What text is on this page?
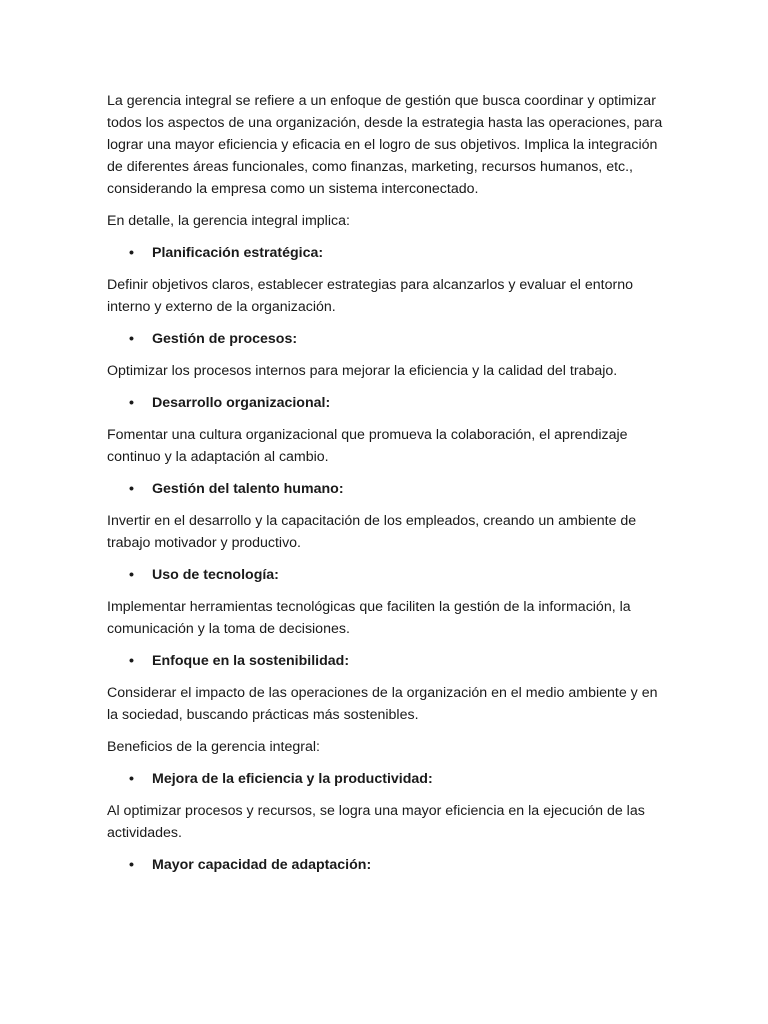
La gerencia integral se refiere a un enfoque de gestión que busca coordinar y optimizar todos los aspectos de una organización, desde la estrategia hasta las operaciones, para lograr una mayor eficiencia y eficacia en el logro de sus objetivos. Implica la integración de diferentes áreas funcionales, como finanzas, marketing, recursos humanos, etc., considerando la empresa como un sistema interconectado.

En detalle, la gerencia integral implica:

• Planificación estratégica:

Definir objetivos claros, establecer estrategias para alcanzarlos y evaluar el entorno interno y externo de la organización.

• Gestión de procesos:

Optimizar los procesos internos para mejorar la eficiencia y la calidad del trabajo.

• Desarrollo organizacional:

Fomentar una cultura organizacional que promueva la colaboración, el aprendizaje continuo y la adaptación al cambio.

• Gestión del talento humano:

Invertir en el desarrollo y la capacitación de los empleados, creando un ambiente de trabajo motivador y productivo.

• Uso de tecnología:

Implementar herramientas tecnológicas que faciliten la gestión de la información, la comunicación y la toma de decisiones.

• Enfoque en la sostenibilidad:

Considerar el impacto de las operaciones de la organización en el medio ambiente y en la sociedad, buscando prácticas más sostenibles.

Beneficios de la gerencia integral:

• Mejora de la eficiencia y la productividad:

Al optimizar procesos y recursos, se logra una mayor eficiencia en la ejecución de las actividades.

• Mayor capacidad de adaptación:
